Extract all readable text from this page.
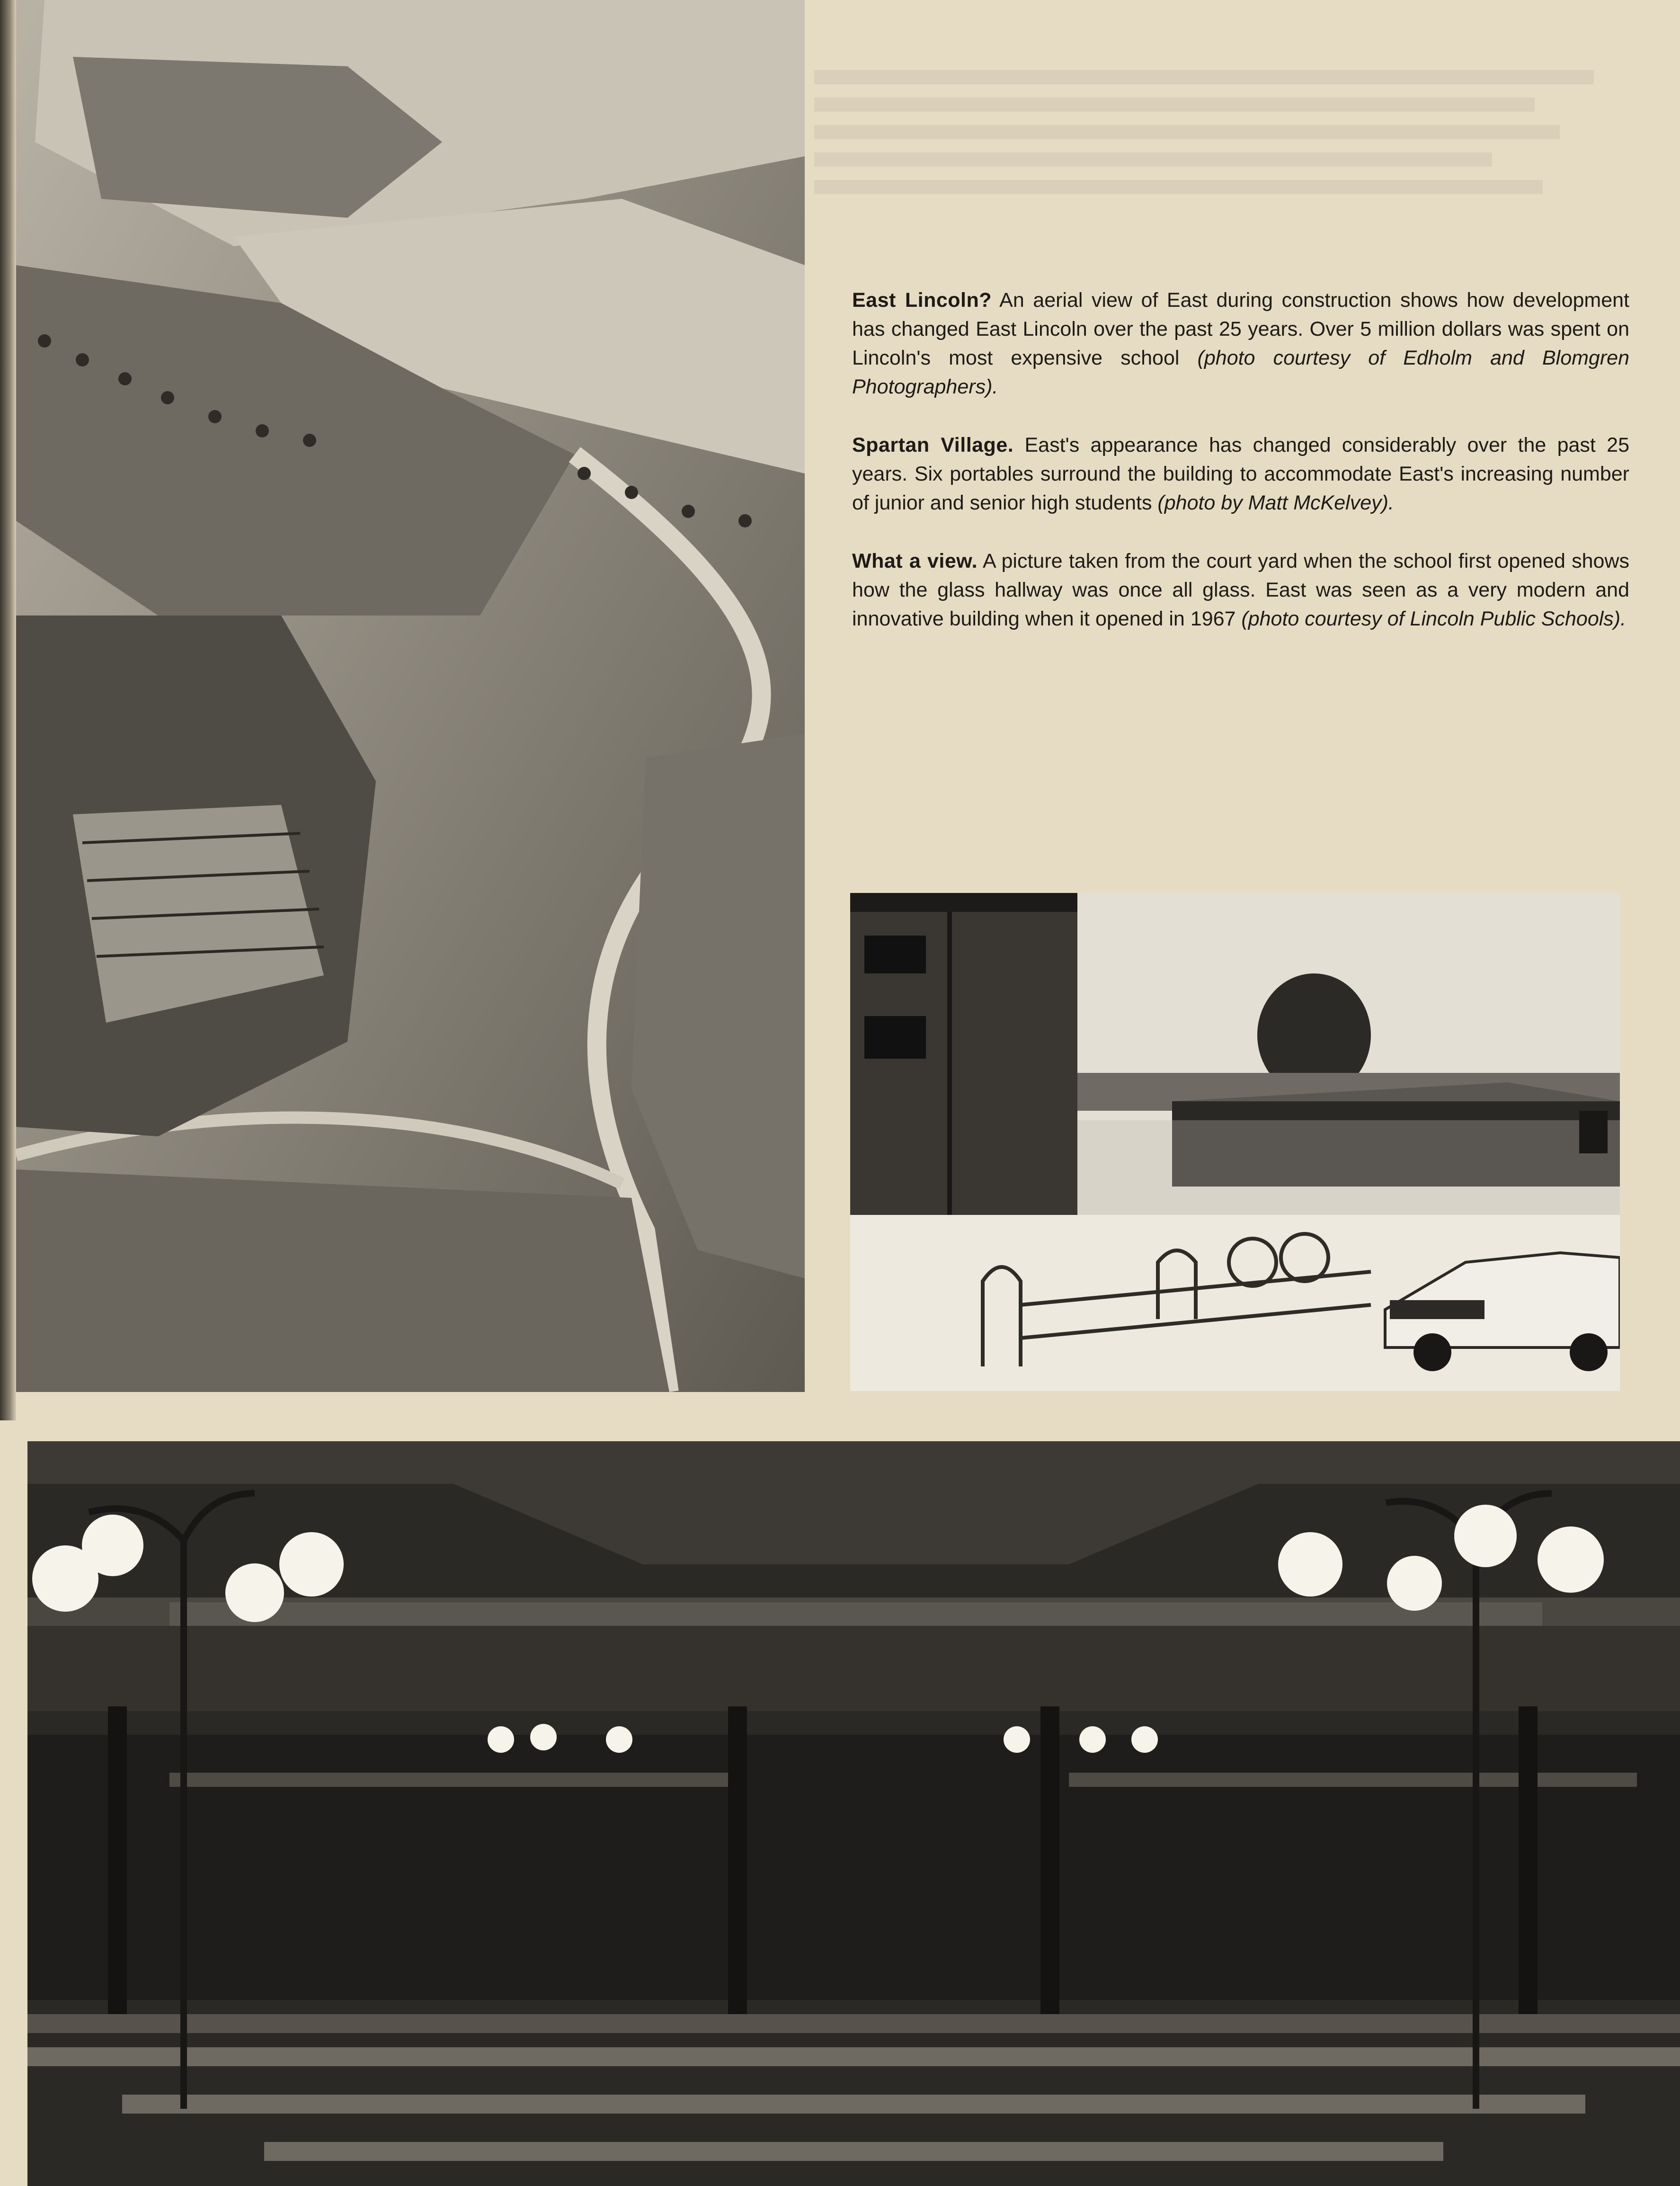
East Lincoln? An aerial view of East during construction shows how development has changed East Lincoln over the past 25 years. Over 5 million dollars was spent on Lincoln's most expensive school (photo courtesy of Edholm and Blomgren Photographers).

Spartan Village. East's appearance has changed considerably over the past 25 years. Six portables surround the building to accommodate East's increasing number of junior and senior high students (photo by Matt McKelvey).

What a view. A picture taken from the court yard when the school first opened shows how the glass hallway was once all glass. East was seen as a very modern and innovative building when it opened in 1967 (photo courtesy of Lincoln Public Schools).
